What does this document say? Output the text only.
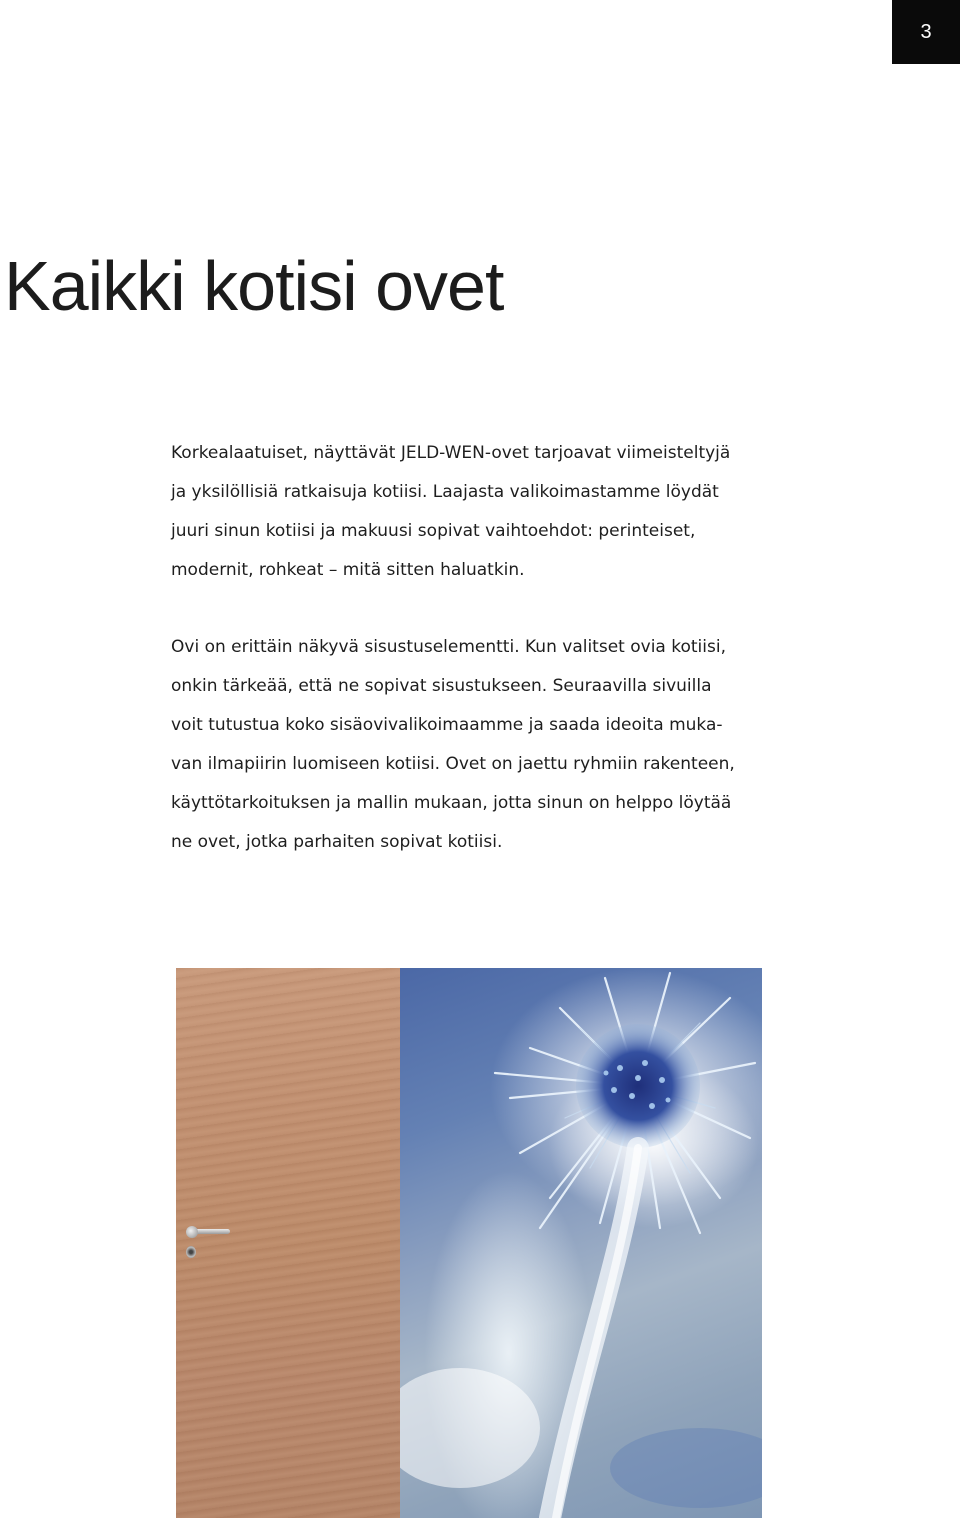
3
Kaikki kotisi ovet

Korkealaatuiset, näyttävät JELD-WEN-ovet tarjoavat viimeisteltyjä
ja yksilöllisiä ratkaisuja kotiisi. Laajasta valikoimastamme löydät
juuri sinun kotiisi ja makuusi sopivat vaihtoehdot: perinteiset,
modernit, rohkeat – mitä sitten haluatkin.

Ovi on erittäin näkyvä sisustuselementti. Kun valitset ovia kotiisi,
onkin tärkeää, että ne sopivat sisustukseen. Seuraavilla sivuilla
voit tutustua koko sisäovivalikoimaamme ja saada ideoita muka-
van ilmapiirin luomiseen kotiisi. Ovet on jaettu ryhmiin rakenteen,
käyttötarkoituksen ja mallin mukaan, jotta sinun on helppo löytää
ne ovet, jotka parhaiten sopivat kotiisi.
